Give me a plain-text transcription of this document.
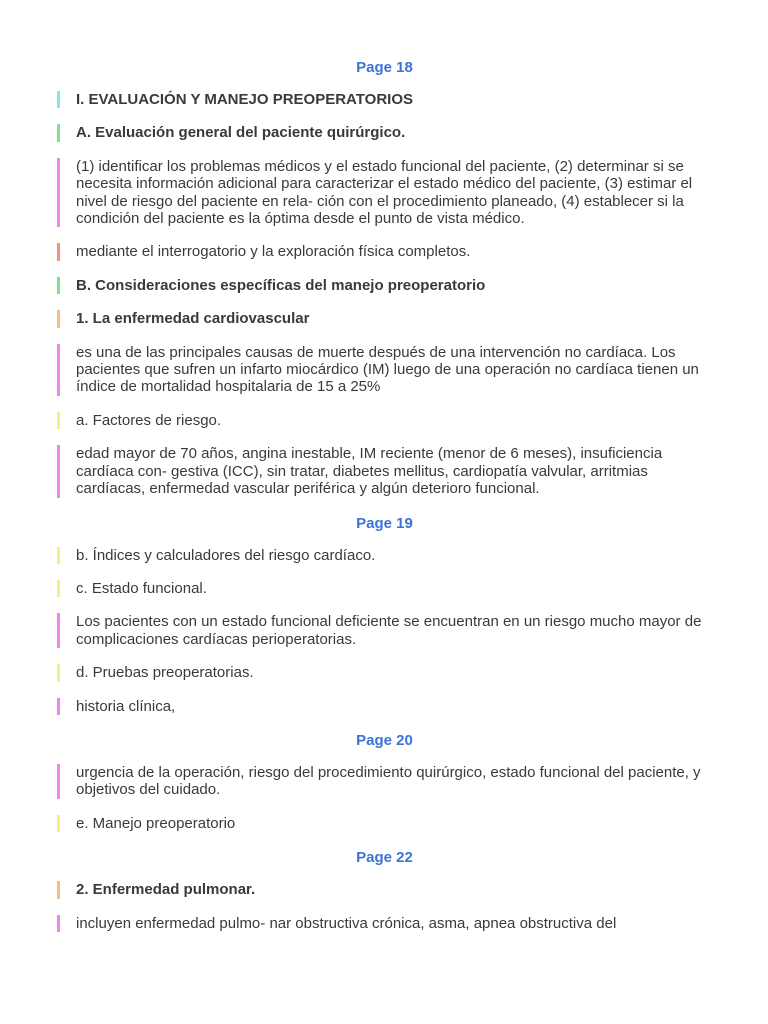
Page 18
I. EVALUACIÓN Y MANEJO PREOPERATORIOS
A. Evaluación general del paciente quirúrgico.
(1) identificar los problemas médicos y el estado funcional del paciente, (2) determinar si se necesita información adicional para caracterizar el estado médico del paciente, (3) estimar el nivel de riesgo del paciente en rela- ción con el procedimiento planeado, (4) establecer si la condición del paciente es la óptima desde el punto de vista médico.
mediante el interrogatorio y la exploración física completos.
B. Consideraciones específicas del manejo preoperatorio
1. La enfermedad cardiovascular
es una de las principales causas de muerte después de una intervención no cardíaca. Los pacientes que sufren un infarto miocárdico (IM) luego de una operación no cardíaca tienen un índice de mortalidad hospitalaria de 15 a 25%
a. Factores de riesgo.
edad mayor de 70 años, angina inestable, IM reciente (menor de 6 meses), insuficiencia cardíaca con- gestiva (ICC), sin tratar, diabetes mellitus, cardiopatía valvular, arritmias cardíacas, enfermedad vascular periférica y algún deterioro funcional.
Page 19
b. Índices y calculadores del riesgo cardíaco.
c. Estado funcional.
Los pacientes con un estado funcional deficiente se encuentran en un riesgo mucho mayor de complicaciones cardíacas perioperatorias.
d. Pruebas preoperatorias.
historia clínica,
Page 20
urgencia de la operación, riesgo del procedimiento quirúrgico, estado funcional del paciente, y objetivos del cuidado.
e. Manejo preoperatorio
Page 22
2. Enfermedad pulmonar.
incluyen enfermedad pulmo- nar obstructiva crónica, asma, apnea obstructiva del
